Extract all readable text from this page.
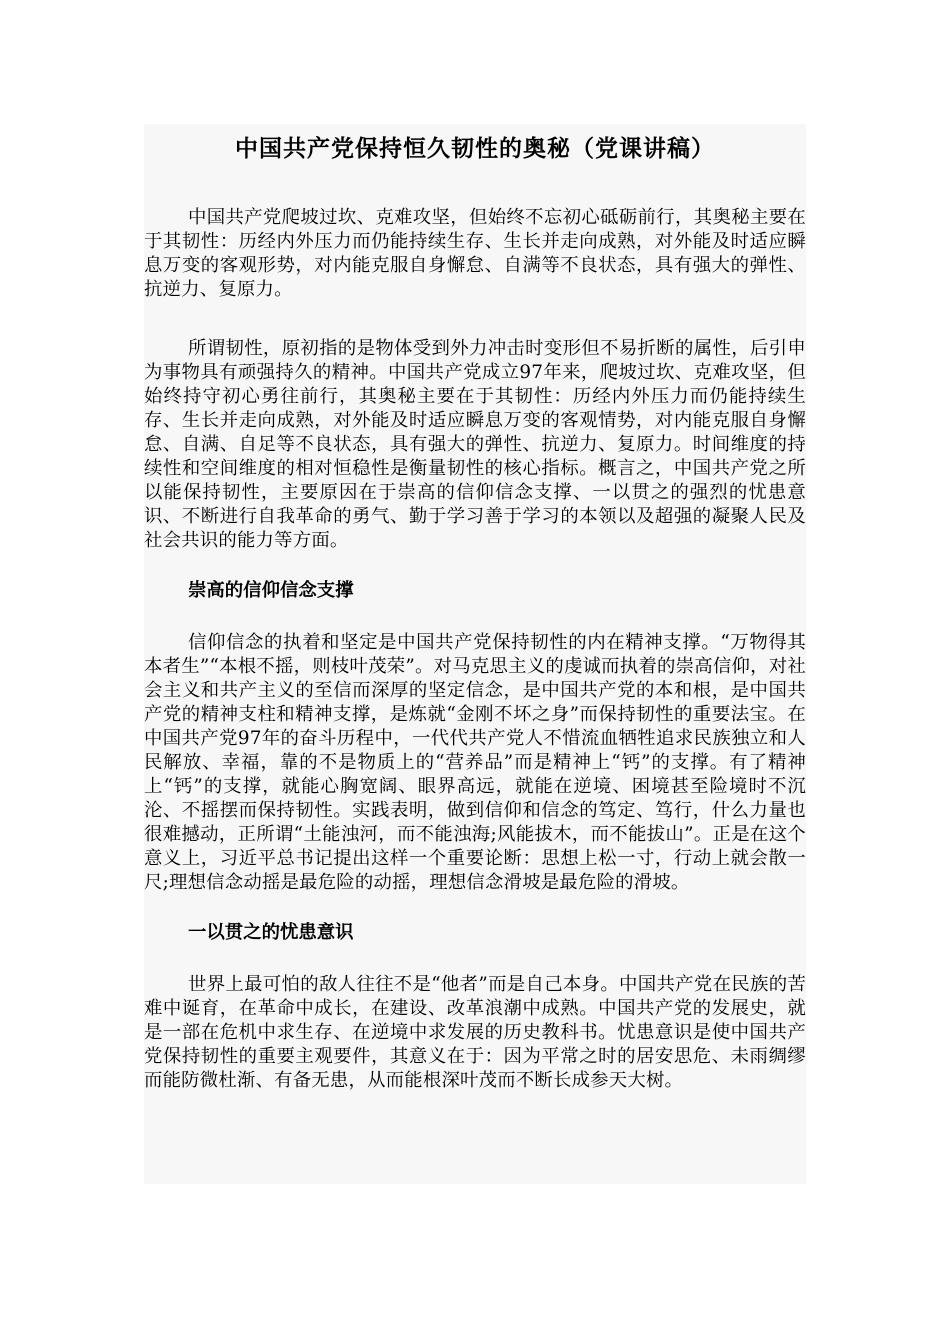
中国共产党保持恒久韧性的奥秘（党课讲稿）

中国共产党爬坡过坎、克难攻坚，但始终不忘初心砥砺前行，其奥秘主要在于其韧性：历经内外压力而仍能持续生存、生长并走向成熟，对外能及时适应瞬息万变的客观形势，对内能克服自身懈怠、自满等不良状态，具有强大的弹性、抗逆力、复原力。

所谓韧性，原初指的是物体受到外力冲击时变形但不易折断的属性，后引申为事物具有顽强持久的精神。中国共产党成立97年来，爬坡过坎、克难攻坚，但始终持守初心勇往前行，其奥秘主要在于其韧性：历经内外压力而仍能持续生存、生长并走向成熟，对外能及时适应瞬息万变的客观情势，对内能克服自身懈怠、自满、自足等不良状态，具有强大的弹性、抗逆力、复原力。时间维度的持续性和空间维度的相对恒稳性是衡量韧性的核心指标。概言之，中国共产党之所以能保持韧性，主要原因在于崇高的信仰信念支撑、一以贯之的强烈的忧患意识、不断进行自我革命的勇气、勤于学习善于学习的本领以及超强的凝聚人民及社会共识的能力等方面。

崇高的信仰信念支撑

信仰信念的执着和坚定是中国共产党保持韧性的内在精神支撑。“万物得其本者生”“本根不摇，则枝叶茂荣”。对马克思主义的虔诚而执着的崇高信仰，对社会主义和共产主义的至信而深厚的坚定信念，是中国共产党的本和根，是中国共产党的精神支柱和精神支撑，是炼就“金刚不坏之身”而保持韧性的重要法宝。在中国共产党97年的奋斗历程中，一代代共产党人不惜流血牺牲追求民族独立和人民解放、幸福，靠的不是物质上的“营养品”而是精神上“钙”的支撑。有了精神上“钙”的支撑，就能心胸宽阔、眼界高远，就能在逆境、困境甚至险境时不沉沦、不摇摆而保持韧性。实践表明，做到信仰和信念的笃定、笃行，什么力量也很难撼动，正所谓“土能浊河，而不能浊海;风能拔木，而不能拔山”。正是在这个意义上，习近平总书记提出这样一个重要论断：思想上松一寸，行动上就会散一尺;理想信念动摇是最危险的动摇，理想信念滑坡是最危险的滑坡。

一以贯之的忧患意识

世界上最可怕的敌人往往不是“他者”而是自己本身。中国共产党在民族的苦难中诞育，在革命中成长，在建设、改革浪潮中成熟。中国共产党的发展史，就是一部在危机中求生存、在逆境中求发展的历史教科书。忧患意识是使中国共产党保持韧性的重要主观要件，其意义在于：因为平常之时的居安思危、未雨绸缪而能防微杜渐、有备无患，从而能根深叶茂而不断长成参天大树。
